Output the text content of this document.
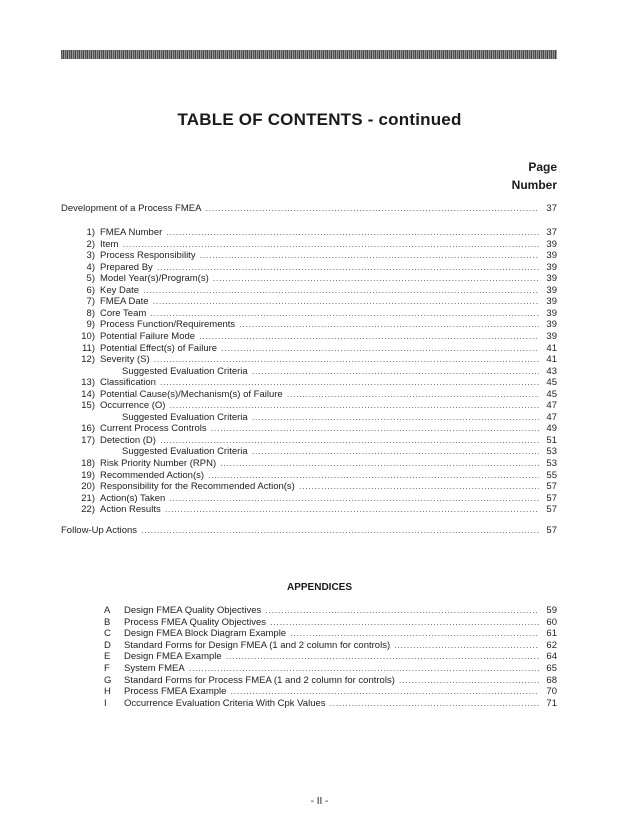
TABLE OF CONTENTS - continued
Page
Number
Development of a Process FMEA .....	37
1) FMEA Number .....	37
2) Item .....	39
3) Process Responsibility .....	39
4) Prepared By .....	39
5) Model Year(s)/Program(s) .....	39
6) Key Date .....	39
7) FMEA Date .....	39
8) Core Team .....	39
9) Process Function/Requirements .....	39
10) Potential Failure Mode .....	39
11) Potential Effect(s) of Failure .....	41
12) Severity (S) .....	41
Suggested Evaluation Criteria .....	43
13) Classification .....	45
14) Potential Cause(s)/Mechanism(s) of Failure .....	45
15) Occurrence (O) .....	47
Suggested Evaluation Criteria .....	47
16) Current Process Controls .....	49
17) Detection (D) .....	51
Suggested Evaluation Criteria .....	53
18) Risk Priority Number (RPN) .....	53
19) Recommended Action(s) .....	55
20) Responsibility for the Recommended Action(s) .....	57
21) Action(s) Taken .....	57
22) Action Results .....	57
Follow-Up Actions .....	57
APPENDICES
A	Design FMEA Quality Objectives .....	59
B	Process FMEA Quality Objectives .....	60
C	Design FMEA Block Diagram Example .....	61
D	Standard Forms for Design FMEA (1 and 2 column for controls) .....	62
E	Design FMEA Example .....	64
F	System FMEA .....	65
G	Standard Forms for Process FMEA (1 and 2 column for controls) .....	68
H	Process FMEA Example .....	70
I	Occurrence Evaluation Criteria With Cpk Values .....	71
- II -
